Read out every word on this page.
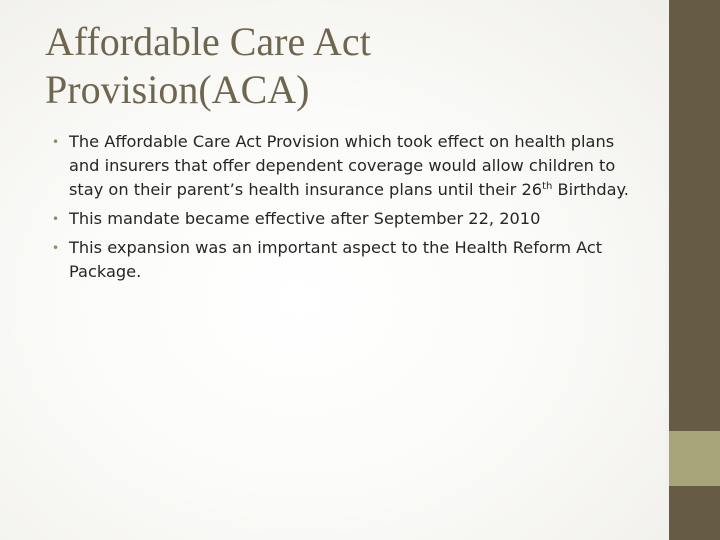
Affordable Care Act
Provision(ACA)
• The Affordable Care Act Provision which took effect on health plans and insurers that offer dependent coverage would allow children to stay on their parent’s health insurance plans until their 26th Birthday.
• This mandate became effective after September 22, 2010
• This expansion was an important aspect to the Health Reform Act Package.
